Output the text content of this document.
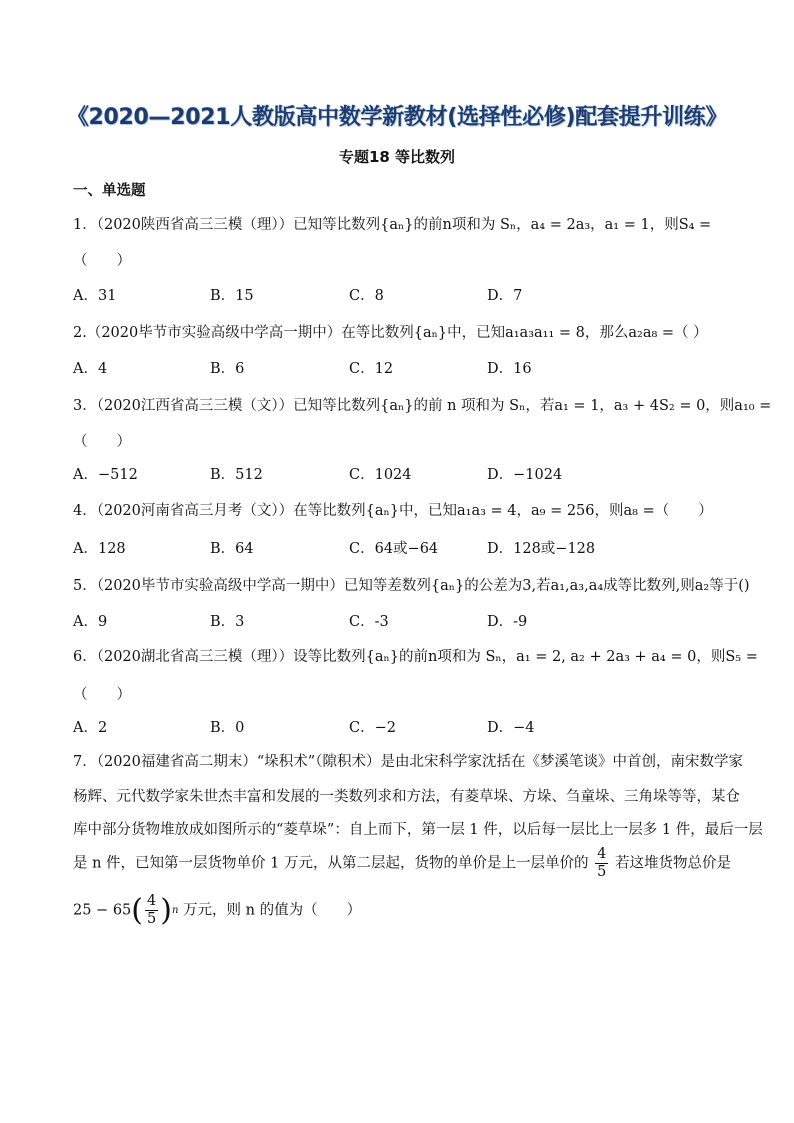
《2020—2021人教版高中数学新教材(选择性必修)配套提升训练》
专题18 等比数列
一、单选题
1．（2020陕西省高三三模（理））已知等比数列{aₙ}的前n项和为 Sₙ，a₄ = 2a₃，a₁ = 1，则S₄ =
（　　）
A．31	B．15	C．8	D．7
2.（2020毕节市实验高级中学高一期中）在等比数列{aₙ}中，已知a₁a₃a₁₁ = 8，那么a₂a₈ =（ ）
A．4	B．6	C．12	D．16
3．（2020江西省高三三模（文））已知等比数列{aₙ}的前 n 项和为 Sₙ，若a₁ = 1，a₃ + 4S₂ = 0，则a₁₀ =
（　　）
A．−512	B．512	C．1024	D．−1024
4．（2020河南省高三月考（文））在等比数列{aₙ}中，已知a₁a₃ = 4，a₉ = 256，则a₈ =（　　）
A．128	B．64	C．64或−64	D．128或−128
5．（2020毕节市实验高级中学高一期中）已知等差数列{aₙ}的公差为3,若a₁,a₃,a₄成等比数列,则a₂等于()
A．9	B．3	C．-3	D．-9
6．（2020湖北省高三三模（理））设等比数列{aₙ}的前n项和为 Sₙ，a₁ = 2, a₂ + 2a₃ + a₄ = 0，则S₅ =
（　　）
A．2	B．0	C．−2	D．−4
7．（2020福建省高二期末）“垛积术”（隙积术）是由北宋科学家沈括在《梦溪笔谈》中首创，南宋数学家
杨辉、元代数学家朱世杰丰富和发展的一类数列求和方法，有菱草垛、方垛、刍童垛、三角垛等等，某仓
库中部分货物堆放成如图所示的“菱草垛”：自上而下，第一层 1 件，以后每一层比上一层多 1 件，最后一层
是 n 件，已知第一层货物单价 1 万元，从第二层起，货物的单价是上一层单价的 $\frac{4}{5}$ 若这堆货物总价是
25 − 65 ( $\frac{4}{5}$ ) n 万元，则 n 的值为（　　）
